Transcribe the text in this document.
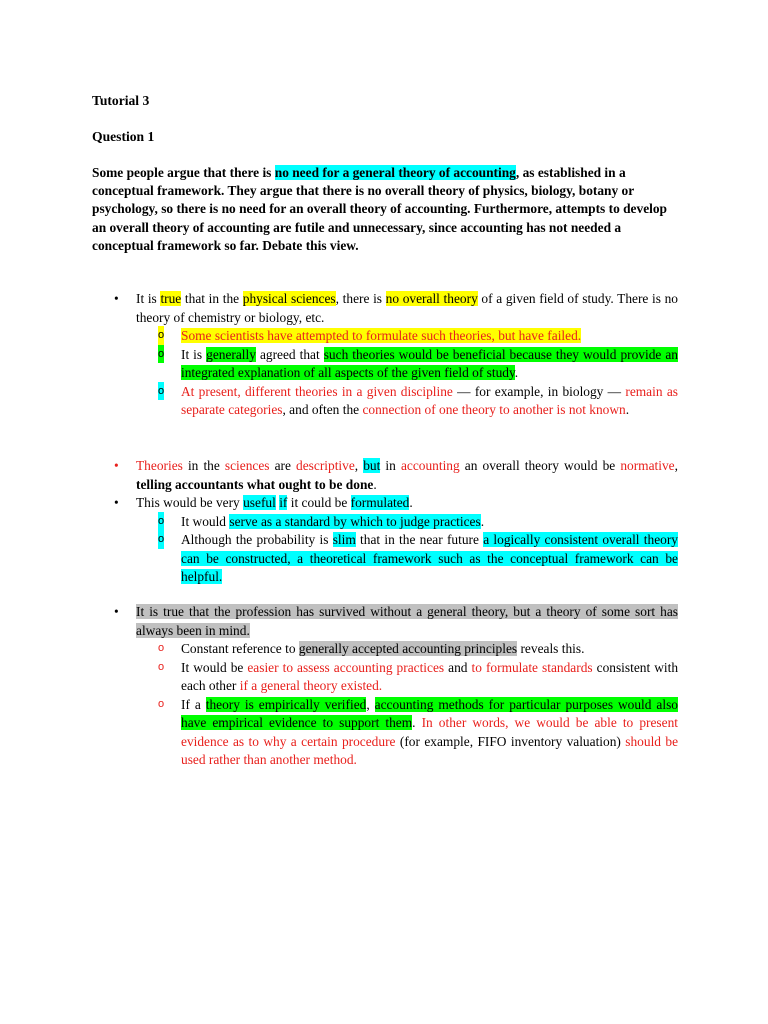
Tutorial 3
Question 1
Some people argue that there is no need for a general theory of accounting, as established in a conceptual framework. They argue that there is no overall theory of physics, biology, botany or psychology, so there is no need for an overall theory of accounting. Furthermore, attempts to develop an overall theory of accounting are futile and unnecessary, since accounting has not needed a conceptual framework so far. Debate this view.
• It is true that in the physical sciences, there is no overall theory of a given field of study. There is no theory of chemistry or biology, etc.
o Some scientists have attempted to formulate such theories, but have failed.
o It is generally agreed that such theories would be beneficial because they would provide an integrated explanation of all aspects of the given field of study.
o At present, different theories in a given discipline — for example, in biology — remain as separate categories, and often the connection of one theory to another is not known.
• Theories in the sciences are descriptive, but in accounting an overall theory would be normative, telling accountants what ought to be done.
• This would be very useful if it could be formulated.
o It would serve as a standard by which to judge practices.
o Although the probability is slim that in the near future a logically consistent overall theory can be constructed, a theoretical framework such as the conceptual framework can be helpful.
• It is true that the profession has survived without a general theory, but a theory of some sort has always been in mind.
o Constant reference to generally accepted accounting principles reveals this.
o It would be easier to assess accounting practices and to formulate standards consistent with each other if a general theory existed.
o If a theory is empirically verified, accounting methods for particular purposes would also have empirical evidence to support them. In other words, we would be able to present evidence as to why a certain procedure (for example, FIFO inventory valuation) should be used rather than another method.
